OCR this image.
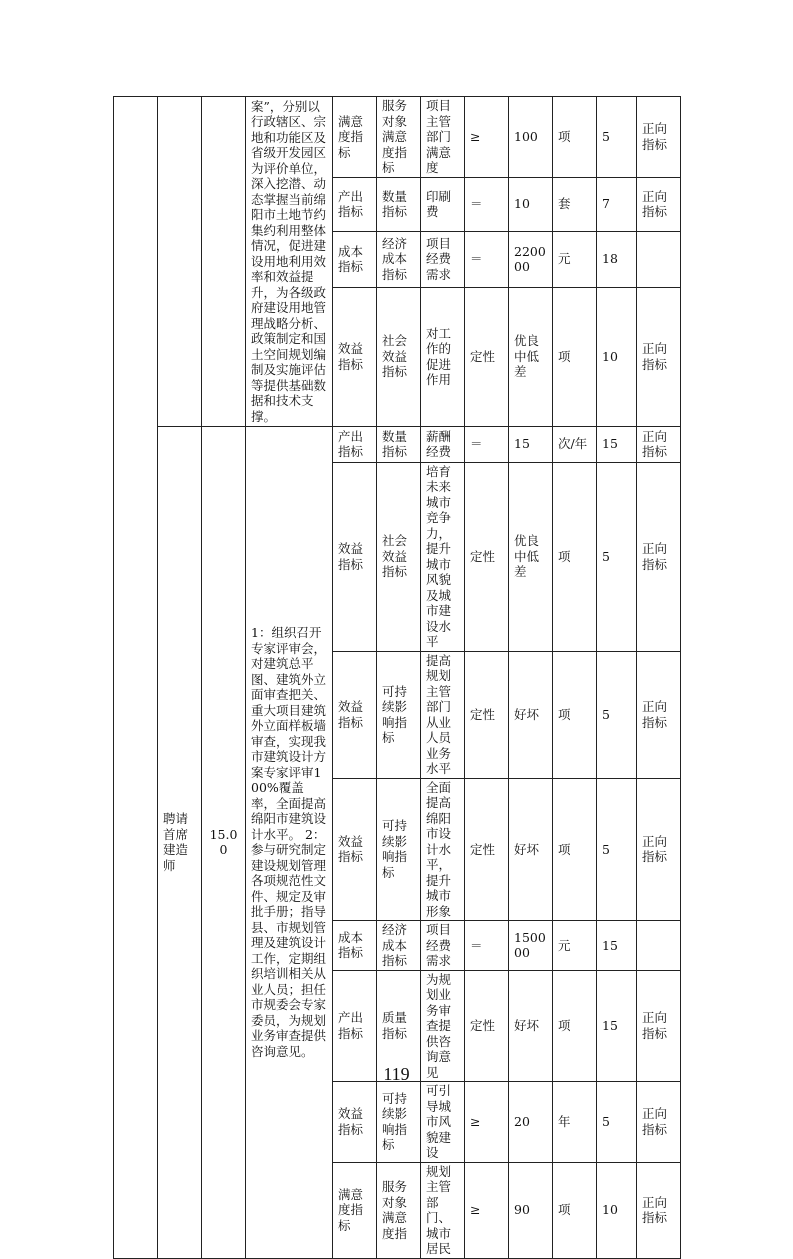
			案”，分别以行政辖区、宗地和功能区及省级开发园区为评价单位，深入挖潜、动态掌握当前绵阳市土地节约集约利用整体情况，促进建设用地利用效率和效益提升，为各级政府建设用地管理战略分析、政策制定和国土空间规划编制及实施评估等提供基础数据和技术支撑。	满意度指标	服务对象满意度指标	项目主管部门满意度	≥	100	项	5	正向指标
				产出指标	数量指标	印刷费	＝	10	套	7	正向指标
				成本指标	经济成本指标	项目经费需求	＝	220000	元	18	
				效益指标	社会效益指标	对工作的促进作用	定性	优良中低差	项	10	正向指标
	聘请首席建造师	15.00	1：组织召开专家评审会，对建筑总平图、建筑外立面审查把关、重大项目建筑外立面样板墙审查，实现我市建筑设计方案专家评审100%覆盖率，全面提高绵阳市建筑设计水平。 2：参与研究制定建设规划管理各项规范性文件、规定及审批手册；指导县、市规划管理及建筑设计工作，定期组织培训相关从业人员；担任市规委会专家委员，为规划业务审查提供咨询意见。	产出指标	数量指标	薪酬经费	＝	15	次/年	15	正向指标
				效益指标	社会效益指标	培育未来城市竞争力，提升城市风貌及城市建设水平	定性	优良中低差	项	5	正向指标
				效益指标	可持续影响指标	提高规划主管部门从业人员业务水平	定性	好坏	项	5	正向指标
				效益指标	可持续影响指标	全面提高绵阳市设计水平，提升城市形象	定性	好坏	项	5	正向指标
				成本指标	经济成本指标	项目经费需求	＝	150000	元	15	
				产出指标	质量指标	为规划业务审查提供咨询意见	定性	好坏	项	15	正向指标
				效益指标	可持续影响指标	可引导城市风貌建设	≥	20	年	5	正向指标
				满意度指标	服务对象满意度指	规划主管部门、城市居民	≥	90	项	10	正向指标
119
